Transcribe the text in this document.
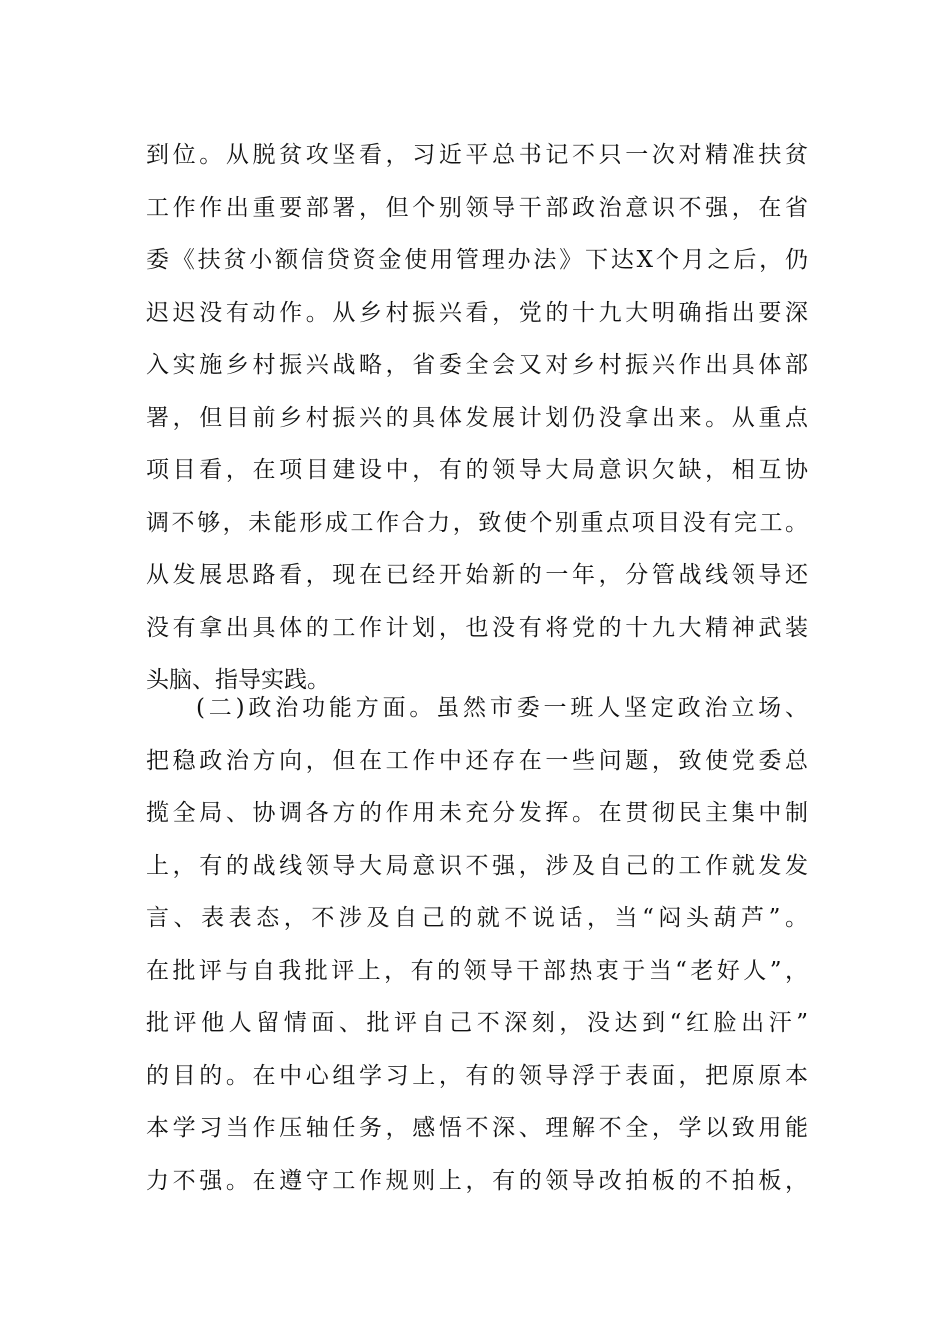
到位。从脱贫攻坚看，习近平总书记不只一次对精准扶贫
工作作出重要部署，但个别领导干部政治意识不强，在省
委《扶贫小额信贷资金使用管理办法》下达X个月之后，仍
迟迟没有动作。从乡村振兴看，党的十九大明确指出要深
入实施乡村振兴战略，省委全会又对乡村振兴作出具体部
署，但目前乡村振兴的具体发展计划仍没拿出来。从重点
项目看，在项目建设中，有的领导大局意识欠缺，相互协
调不够，未能形成工作合力，致使个别重点项目没有完工。
从发展思路看，现在已经开始新的一年，分管战线领导还
没有拿出具体的工作计划，也没有将党的十九大精神武装
头脑、指导实践。
(二)政治功能方面。虽然市委一班人坚定政治立场、
把稳政治方向，但在工作中还存在一些问题，致使党委总
揽全局、协调各方的作用未充分发挥。在贯彻民主集中制
上，有的战线领导大局意识不强，涉及自己的工作就发发
言、表表态，不涉及自己的就不说话，当“闷头葫芦”。
在批评与自我批评上，有的领导干部热衷于当“老好人”，
批评他人留情面、批评自己不深刻，没达到“红脸出汗”
的目的。在中心组学习上，有的领导浮于表面，把原原本
本学习当作压轴任务，感悟不深、理解不全，学以致用能
力不强。在遵守工作规则上，有的领导改拍板的不拍板，
